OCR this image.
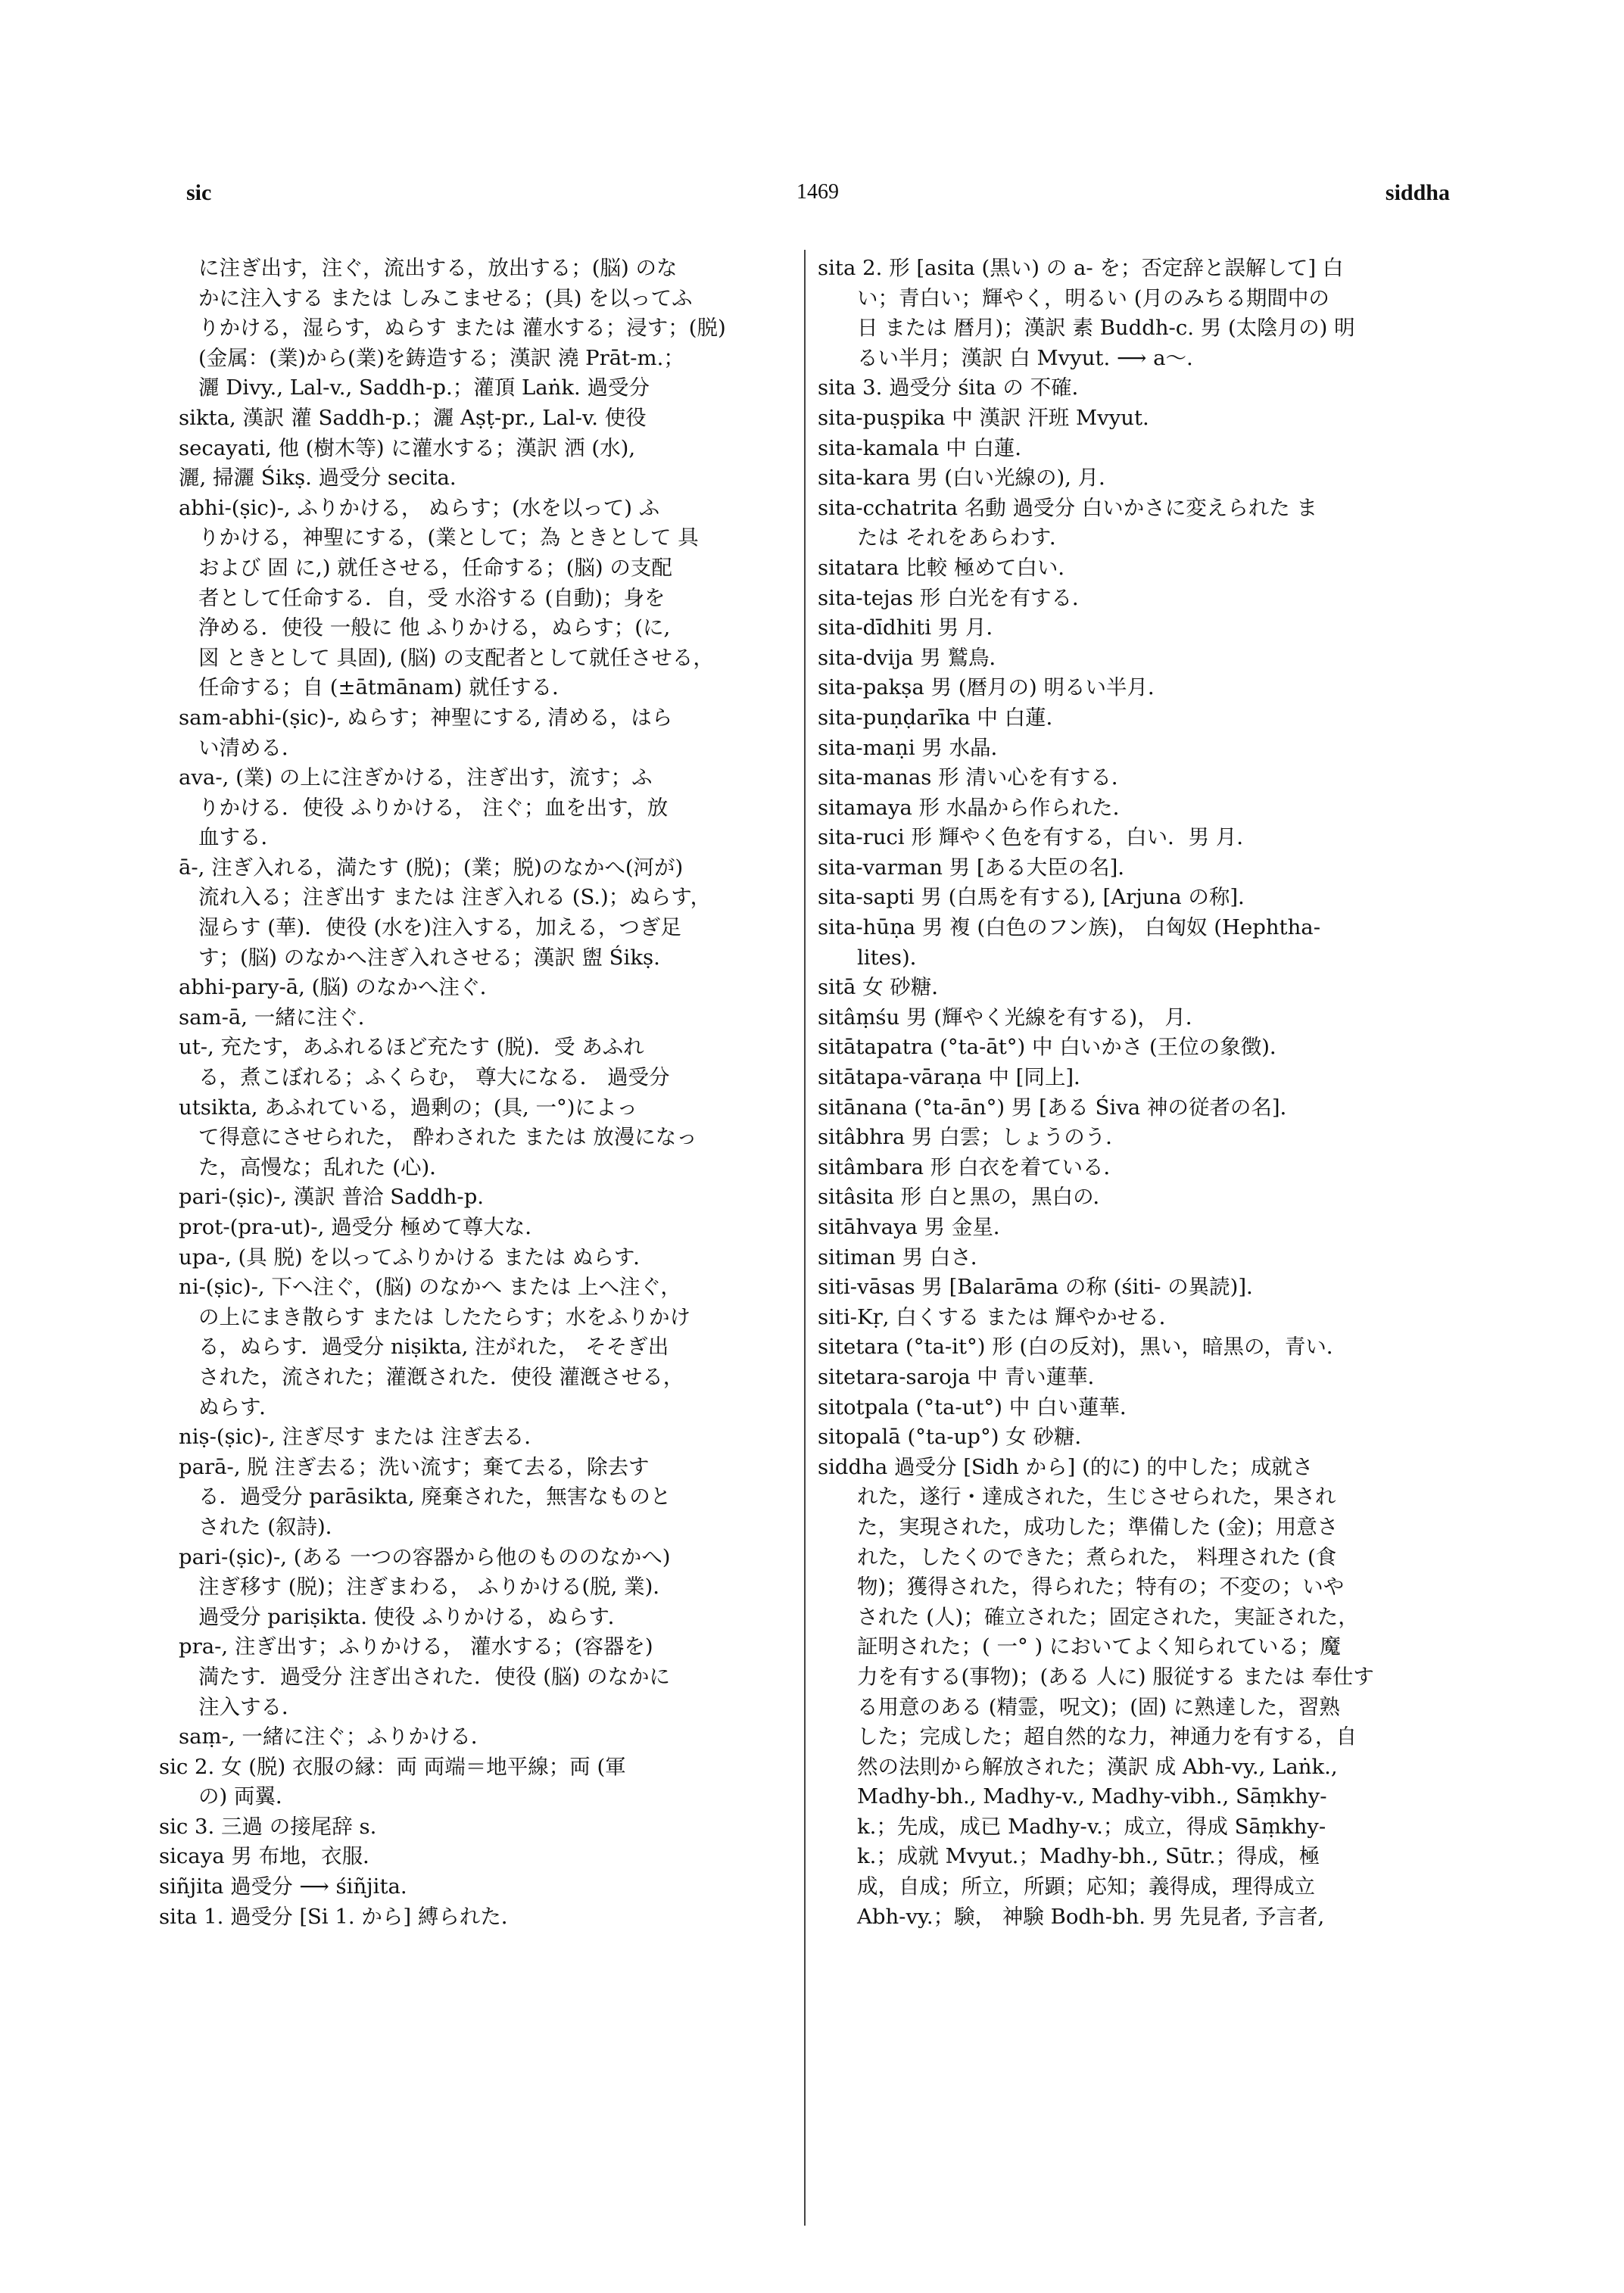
sic	1469	siddha
に注ぎ出す，注ぐ，流出する，放出する；(脳) のな
かに注入する または しみこませる；(具) を以ってふ
りかける，湿らす，ぬらす または 灌水する；浸す；(脱)
(金属：(業)から(業)を鋳造する；漢訳 澆 Prāt-m.；
灑 Divy., Lal-v., Saddh-p.；灌頂 Laṅk. 過受分
sikta, 漢訳 灌 Saddh-p.；灑 Aṣṭ-pr., Lal-v. 使役
secayati, 他 (樹木等) に灌水する；漢訳 洒 (水),
灑, 掃灑 Śikṣ. 過受分 secita.
abhi-(ṣic)-, ふりかける， ぬらす；(水を以って) ふ
りかける，神聖にする，(業として；為 ときとして 具
および 固 に,) 就任させる，任命する；(脳) の支配
者として任命する．自，受 水浴する (自動)；身を
浄める．使役 一般に 他 ふりかける，ぬらす；(に,
図 ときとして 具固), (脳) の支配者として就任させる，
任命する；自 (±ātmānam) 就任する．
sam-abhi-(ṣic)-, ぬらす；神聖にする, 清める，はら
い清める．
ava-, (業) の上に注ぎかける，注ぎ出す，流す；ふ
りかける．使役 ふりかける， 注ぐ；血を出す，放
血する．
ā-, 注ぎ入れる，満たす (脱)；(業；脱)のなかへ(河が)
流れ入る；注ぎ出す または 注ぎ入れる (S.)；ぬらす，
湿らす (華)．使役 (水を)注入する，加える，つぎ足
す；(脳) のなかへ注ぎ入れさせる；漢訳 盥 Śikṣ.
abhi-pary-ā, (脳) のなかへ注ぐ．
sam-ā, 一緒に注ぐ．
ut-, 充たす，あふれるほど充たす (脱)．受 あふれ
る，煮こぼれる；ふくらむ， 尊大になる． 過受分
utsikta, あふれている，過剰の；(具, 一°)によっ
て得意にさせられた， 酔わされた または 放漫になっ
た，高慢な；乱れた (心)．
pari-(ṣic)-, 漢訳 普洽 Saddh-p.
prot-(pra-ut)-, 過受分 極めて尊大な．
upa-, (具 脱) を以ってふりかける または ぬらす．
ni-(ṣic)-, 下へ注ぐ，(脳) のなかへ または 上へ注ぐ，
の上にまき散らす または したたらす；水をふりかけ
る，ぬらす．過受分 niṣikta, 注がれた， そそぎ出
された，流された；灌漑された．使役 灌漑させる，
ぬらす．
niṣ-(ṣic)-, 注ぎ尽す または 注ぎ去る．
parā-, 脱 注ぎ去る；洗い流す；棄て去る，除去す
る．過受分 parāsikta, 廃棄された，無害なものと
された (叙詩)．
pari-(ṣic)-, (ある 一つの容器から他のもののなかへ)
注ぎ移す (脱)；注ぎまわる， ふりかける(脱, 業)．
過受分 pariṣikta. 使役 ふりかける，ぬらす．
pra-, 注ぎ出す；ふりかける， 灌水する；(容器を)
満たす．過受分 注ぎ出された．使役 (脳) のなかに
注入する．
saṃ-, 一緒に注ぐ；ふりかける．
sic 2. 女 (脱) 衣服の縁：両 両端＝地平線；両 (軍
の) 両翼．
sic 3. 三過 の接尾辞 s.
sicaya 男 布地，衣服．
siñjita 過受分 ⟶ śiñjita.
sita 1. 過受分 [Si 1. から] 縛られた．
sita 2. 形 [asita (黒い) の a- を；否定辞と誤解して] 白
い；青白い；輝やく，明るい (月のみちる期間中の
日 または 暦月)；漢訳 素 Buddh-c. 男 (太陰月の) 明
るい半月；漢訳 白 Mvyut. ⟶ a～.
sita 3. 過受分 śita の 不確．
sita-puṣpika 中 漢訳 汗班 Mvyut.
sita-kamala 中 白蓮．
sita-kara 男 (白い光線の), 月．
sita-cchatrita 名動 過受分 白いかさに変えられた ま
たは それをあらわす．
sitatara 比較 極めて白い．
sita-tejas 形 白光を有する．
sita-dīdhiti 男 月．
sita-dvija 男 鷲鳥．
sita-pakṣa 男 (暦月の) 明るい半月．
sita-puṇḍarīka 中 白蓮．
sita-maṇi 男 水晶．
sita-manas 形 清い心を有する．
sitamaya 形 水晶から作られた．
sita-ruci 形 輝やく色を有する，白い．男 月．
sita-varman 男 [ある大臣の名]．
sita-sapti 男 (白馬を有する), [Arjuna の称]．
sita-hūṇa 男 複 (白色のフン族)， 白匈奴 (Hephtha-
lites)．
sitā 女 砂糖．
sitâṃśu 男 (輝やく光線を有する)， 月．
sitātapatra (°ta-āt°) 中 白いかさ (王位の象徴)．
sitātapa-vāraṇa 中 [同上]．
sitānana (°ta-ān°) 男 [ある Śiva 神の従者の名]．
sitâbhra 男 白雲；しょうのう．
sitâmbara 形 白衣を着ている．
sitâsita 形 白と黒の，黒白の．
sitāhvaya 男 金星．
sitiman 男 白さ．
siti-vāsas 男 [Balarāma の称 (śiti- の異読)]．
siti-Kṛ, 白くする または 輝やかせる．
sitetara (°ta-it°) 形 (白の反対)，黒い，暗黒の，青い．
sitetara-saroja 中 青い蓮華．
sitotpala (°ta-ut°) 中 白い蓮華．
sitopalā (°ta-up°) 女 砂糖．
siddha 過受分 [Sidh から] (的に) 的中した；成就さ
れた，遂行・達成された，生じさせられた，果され
た，実現された，成功した；準備した (金)；用意さ
れた，したくのできた；煮られた， 料理された (食
物)；獲得された，得られた；特有の；不変の；いや
された (人)；確立された；固定された，実証された，
証明された；( 一° ) においてよく知られている；魔
力を有する(事物)；(ある 人に) 服従する または 奉仕す
る用意のある (精霊，呪文)；(固) に熟達した，習熟
した；完成した；超自然的な力，神通力を有する，自
然の法則から解放された；漢訳 成 Abh-vy., Laṅk.,
Madhy-bh., Madhy-v., Madhy-vibh., Sāṃkhy-
k.；先成，成已 Madhy-v.；成立，得成 Sāṃkhy-
k.；成就 Mvyut.；Madhy-bh., Sūtr.；得成，極
成，自成；所立，所顕；応知；義得成，理得成立
Abh-vy.；験， 神験 Bodh-bh. 男 先見者, 予言者,
